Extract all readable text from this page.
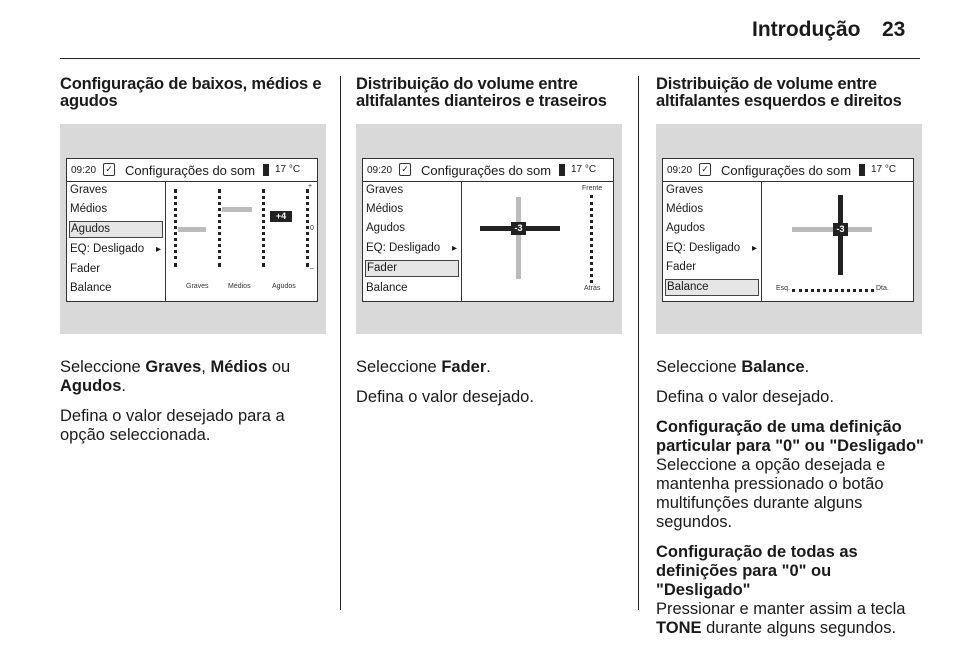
Introdução 23
Configuração de baixos, médios e agudos
09:20 ✓ Configurações do som 17 °C
Graves
Médios
Agudos
EQ: Desligado ▸
Fader
Balance
+4
+
0
–
Graves	Médios	Agudos

Seleccione Graves, Médios ou
Agudos.

Defina o valor desejado para a opção seleccionada.

Distribuição do volume entre altifalantes dianteiros e traseiros
09:20 ✓ Configurações do som 17 °C
Graves
Médios
Agudos
EQ: Desligado ▸
Fader
Balance
Frente
Atrás
-3

Seleccione Fader.

Defina o valor desejado.

Distribuição de volume entre altifalantes esquerdos e direitos
09:20 ✓ Configurações do som 17 °C
Graves
Médios
Agudos
EQ: Desligado ▸
Fader
Balance
-3
Esq.	Dta.

Seleccione Balance.

Defina o valor desejado.

Configuração de uma definição particular para "0" ou "Desligado"

Seleccione a opção desejada e mantenha pressionado o botão multifunções durante alguns segundos.

Configuração de todas as definições para "0" ou "Desligado"

Pressionar e manter assim a tecla TONE durante alguns segundos.
